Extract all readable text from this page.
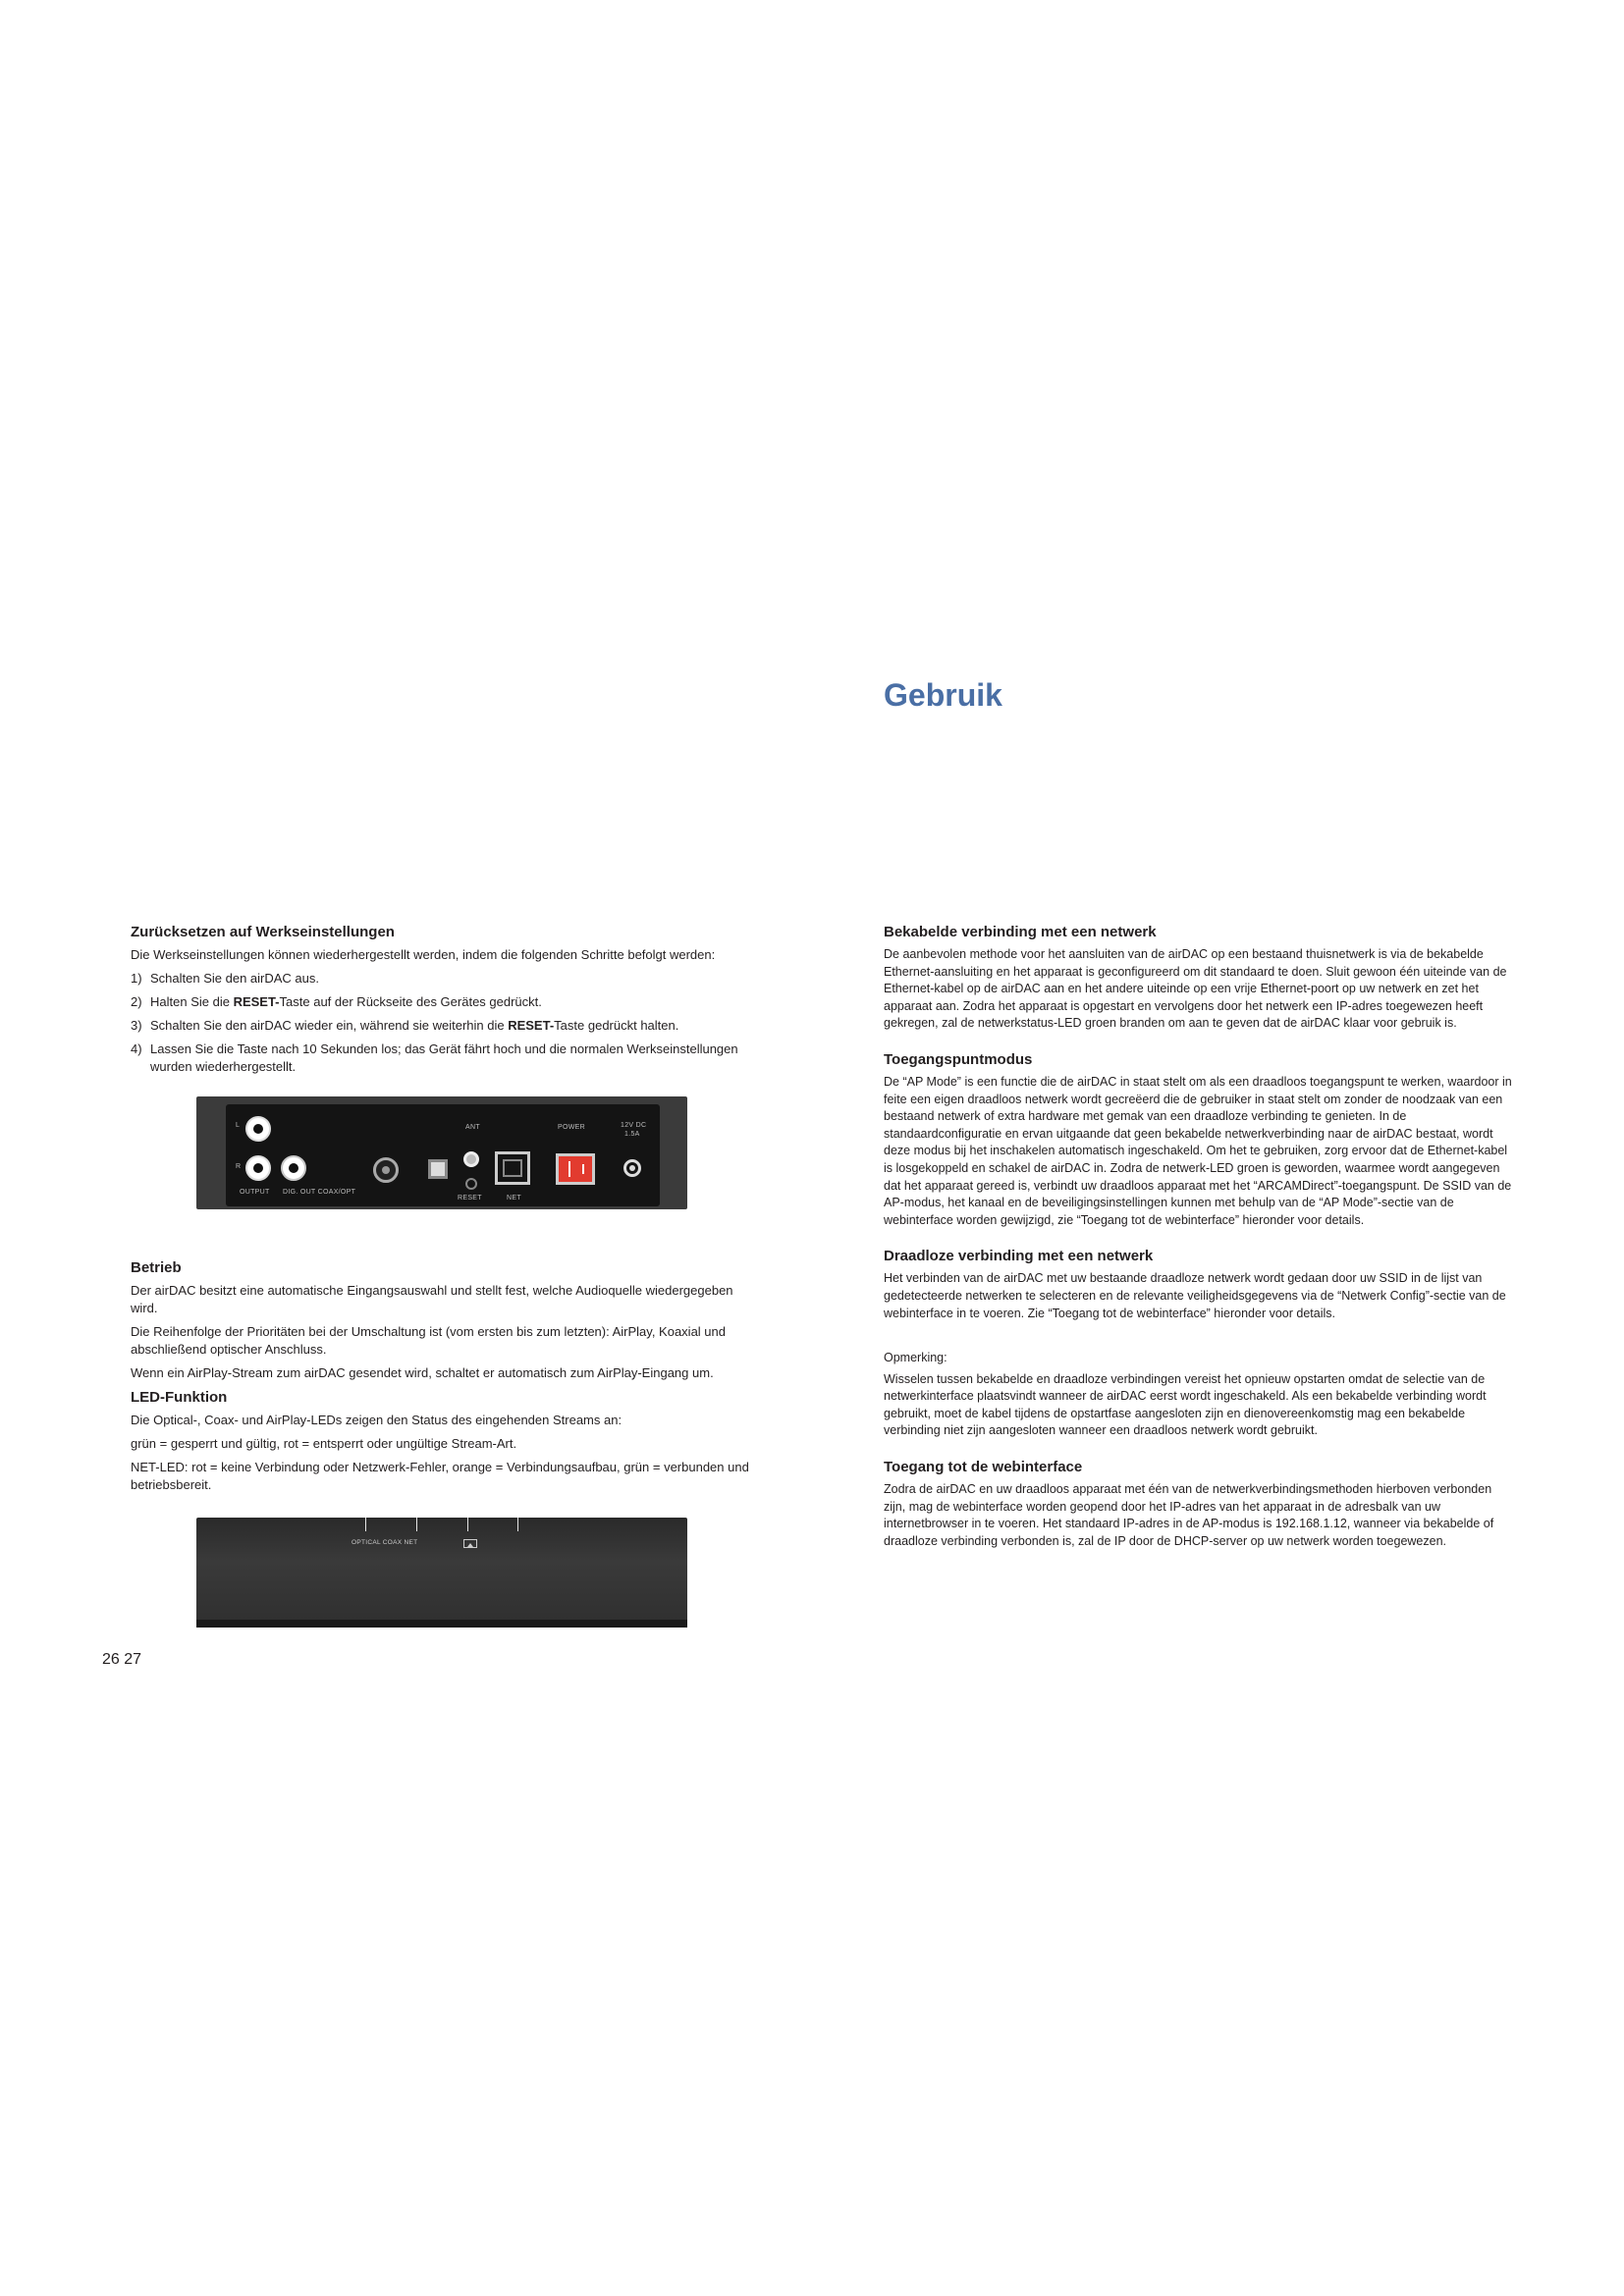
Gebruik
Zurücksetzen auf Werkseinstellungen

Die Werkseinstellungen können wiederhergestellt werden, indem die folgenden Schritte befolgt werden:

1) Schalten Sie den airDAC aus.
2) Halten Sie die RESET-Taste auf der Rückseite des Gerätes gedrückt.
3) Schalten Sie den airDAC wieder ein, während sie weiterhin die RESET-Taste gedrückt halten.
4) Lassen Sie die Taste nach 10 Sekunden los; das Gerät fährt hoch und die normalen Werkseinstellungen wurden wiederhergestellt.
L
R
OUTPUT DIG. OUT COAX/OPT
ANT
RESET	NET
POWER	12V DC
1.5A
Betrieb

Der airDAC besitzt eine automatische Eingangsauswahl und stellt fest, welche Audioquelle wiedergegeben wird.

Die Reihenfolge der Prioritäten bei der Umschaltung ist (vom ersten bis zum letzten): AirPlay, Koaxial und abschließend optischer Anschluss.

Wenn ein AirPlay-Stream zum airDAC gesendet wird, schaltet er automatisch zum AirPlay-Eingang um.

LED-Funktion

Die Optical-, Coax- und AirPlay-LEDs zeigen den Status des eingehenden Streams an:

grün = gesperrt und gültig, rot = entsperrt oder ungültige Stream-Art.

NET-LED: rot = keine Verbindung oder Netzwerk-Fehler, orange = Verbindungsaufbau, grün = verbunden und betriebsbereit.

OPTICAL COAX NET
Bekabelde verbinding met een netwerk

De aanbevolen methode voor het aansluiten van de airDAC op een bestaand thuisnetwerk is via de bekabelde Ethernet-aansluiting en het apparaat is geconfigureerd om dit standaard te doen. Sluit gewoon één uiteinde van de Ethernet-kabel op de airDAC aan en het andere uiteinde op een vrije Ethernet-poort op uw netwerk en zet het apparaat aan. Zodra het apparaat is opgestart en vervolgens door het netwerk een IP-adres toegewezen heeft gekregen, zal de netwerkstatus-LED groen branden om aan te geven dat de airDAC klaar voor gebruik is.

Toegangspuntmodus

De “AP Mode” is een functie die de airDAC in staat stelt om als een draadloos toegangspunt te werken, waardoor in feite een eigen draadloos netwerk wordt gecreëerd die de gebruiker in staat stelt om zonder de noodzaak van een bestaand netwerk of extra hardware met gemak van een draadloze verbinding te genieten. In de standaardconfiguratie en ervan uitgaande dat geen bekabelde netwerkverbinding naar de airDAC bestaat, wordt deze modus bij het inschakelen automatisch ingeschakeld. Om het te gebruiken, zorg ervoor dat de Ethernet-kabel is losgekoppeld en schakel de airDAC in. Zodra de netwerk-LED groen is geworden, waarmee wordt aangegeven dat het apparaat gereed is, verbindt uw draadloos apparaat met het “ARCAMDirect”-toegangspunt. De SSID van de AP-modus, het kanaal en de beveiligingsinstellingen kunnen met behulp van de “AP Mode”-sectie van de webinterface worden gewijzigd, zie “Toegang tot de webinterface” hieronder voor details.

Draadloze verbinding met een netwerk

Het verbinden van de airDAC met uw bestaande draadloze netwerk wordt gedaan door uw SSID in de lijst van gedetecteerde netwerken te selecteren en de relevante veiligheidsgegevens via de “Netwerk Config”-sectie van de webinterface in te voeren. Zie “Toegang tot de webinterface” hieronder voor details.

Opmerking:

Wisselen tussen bekabelde en draadloze verbindingen vereist het opnieuw opstarten omdat de selectie van de netwerkinterface plaatsvindt wanneer de airDAC eerst wordt ingeschakeld. Als een bekabelde verbinding wordt gebruikt, moet de kabel tijdens de opstartfase aangesloten zijn en dienovereenkomstig mag een bekabelde verbinding niet zijn aangesloten wanneer een draadloos netwerk wordt gebruikt.

Toegang tot de webinterface

Zodra de airDAC en uw draadloos apparaat met één van de netwerkverbindingsmethoden hierboven verbonden zijn, mag de webinterface worden geopend door het IP-adres van het apparaat in de adresbalk van uw internetbrowser in te voeren. Het standaard IP-adres in de AP-modus is 192.168.1.12, wanneer via bekabelde of draadloze verbinding verbonden is, zal de IP door de DHCP-server op uw netwerk worden toegewezen.

26 27
